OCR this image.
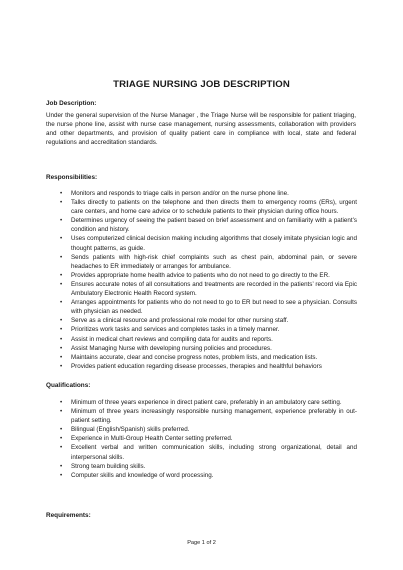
TRIAGE NURSING JOB DESCRIPTION
Job Description:
Under the general supervision of the Nurse Manager , the Triage Nurse will be responsible for patient triaging, the nurse phone line, assist with nurse case management, nursing assessments, collaboration with providers and other departments, and provision of quality patient care in compliance with local, state and federal regulations and accreditation standards.
Responsibilities:
• Monitors and responds to triage calls in person and/or on the nurse phone line.
• Talks directly to patients on the telephone and then directs them to emergency rooms (ERs), urgent care centers, and home care advice or to schedule patients to their physician during office hours.
• Determines urgency of seeing the patient based on brief assessment and on familiarity with a patient’s condition and history.
• Uses computerized clinical decision making including algorithms that closely imitate physician logic and thought patterns, as guide.
• Sends patients with high-risk chief complaints such as chest pain, abdominal pain, or severe headaches to ER immediately or arranges for ambulance.
• Provides appropriate home health advice to patients who do not need to go directly to the ER.
• Ensures accurate notes of all consultations and treatments are recorded in the patients’ record via Epic Ambulatory Electronic Health Record system.
• Arranges appointments for patients who do not need to go to ER but need to see a physician. Consults with physician as needed.
• Serve as a clinical resource and professional role model for other nursing staff.
• Prioritizes work tasks and services and completes tasks in a timely manner.
• Assist in medical chart reviews and compiling data for audits and reports.
• Assist Managing Nurse with developing nursing policies and procedures.
• Maintains accurate, clear and concise progress notes, problem lists, and medication lists.
• Provides patient education regarding disease processes, therapies and healthful behaviors
Qualifications:
• Minimum of three years experience in direct patient care, preferably in an ambulatory care setting.
• Minimum of three years increasingly responsible nursing management, experience preferably in out-patient setting.
• Bilingual (English/Spanish) skills preferred.
• Experience in Multi-Group Health Center setting preferred.
• Excellent verbal and written communication skills, including strong organizational, detail and interpersonal skills.
• Strong team building skills.
• Computer skills and knowledge of word processing.
Requirements:
Page 1 of 2
